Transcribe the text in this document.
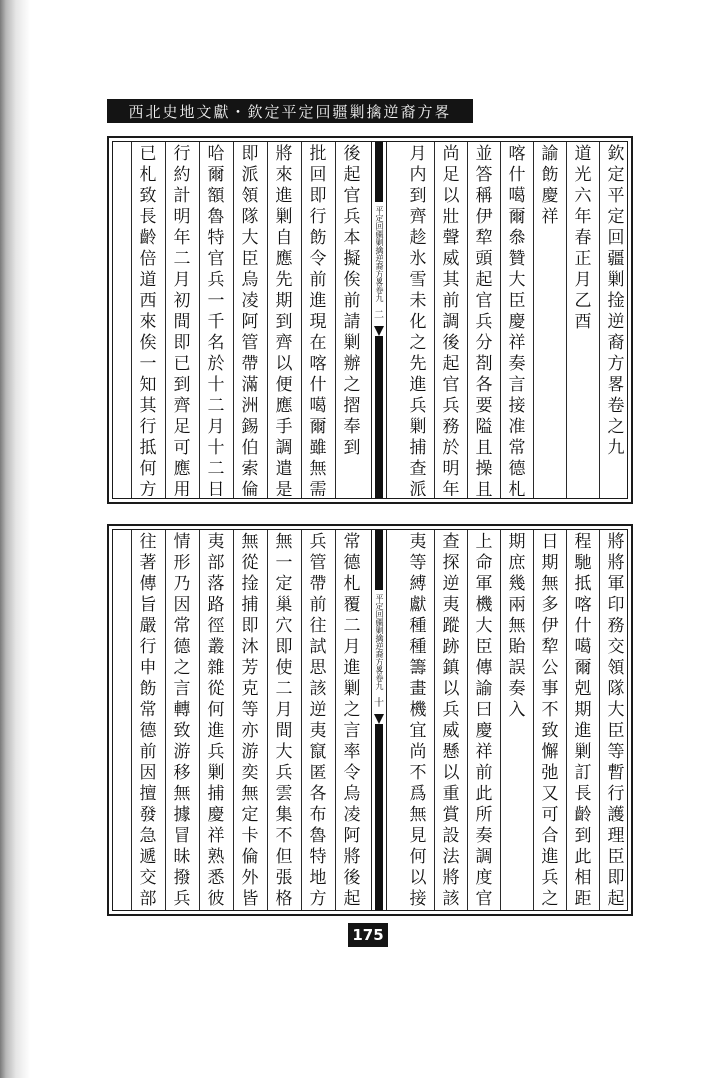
西北史地文獻・欽定平定回疆剿擒逆裔方畧
欽
定
平
定
回
疆
剿
捦
逆
裔
方
畧
卷
之
九
道
光
六
年
春
正
月
乙
酉
諭
飭
慶
祥
喀
什
噶
爾
叅
贊
大
臣
慶
祥
奏
言
接
准
常
德
札
並
答
稱
伊
犂
頭
起
官
兵
分
剳
各
要
隘
且
操
且
尚
足
以
壯
聲
威
其
前
調
後
起
官
兵
務
於
明
年
月
内
到
齊
趁
氷
雪
未
化
之
先
進
兵
剿
捕
查
派
後
起
官
兵
本
擬
俟
前
請
剿
辦
之
摺
奉
到
批
回
即
行
飭
令
前
進
現
在
喀
什
噶
爾
雖
無
需
將
來
進
剿
自
應
先
期
到
齊
以
便
應
手
調
遣
是
即
派
領
隊
大
臣
烏
凌
阿
管
帶
滿
洲
錫
伯
索
倫
哈
爾
額
魯
特
官
兵
一
千
名
於
十
二
月
十
二
日
行
約
計
明
年
二
月
初
間
即
已
到
齊
足
可
應
用
已
札
致
長
齡
倍
道
西
來
俟
一
知
其
行
抵
何
方
平定回疆剿擒逆裔方畧卷九
二
將
將
軍
印
務
交
領
隊
大
臣
等
暫
行
護
理
臣
即
起
程
馳
抵
喀
什
噶
爾
剋
期
進
剿
訂
長
齡
到
此
相
距
日
期
無
多
伊
犂
公
事
不
致
懈
弛
又
可
合
進
兵
之
期
庶
幾
兩
無
貽
誤
奏
入
上
命
軍
機
大
臣
傳
諭
曰
慶
祥
前
此
所
奏
調
度
官
查
探
逆
夷
蹤
跡
鎮
以
兵
威
懸
以
重
賞
設
法
將
該
夷
等
縛
獻
種
種
籌
畫
機
宜
尚
不
爲
無
見
何
以
接
常
德
札
覆
二
月
進
剿
之
言
率
令
烏
凌
阿
將
後
起
兵
管
帶
前
往
試
思
該
逆
夷
竄
匿
各
布
魯
特
地
方
無
一
定
巢
穴
即
使
二
月
間
大
兵
雲
集
不
但
張
格
無
從
捦
捕
即
沐
芳
克
等
亦
游
奕
無
定
卡
倫
外
皆
夷
部
落
路
徑
叢
雜
從
何
進
兵
剿
捕
慶
祥
熟
悉
彼
情
形
乃
因
常
德
之
言
轉
致
游
移
無
據
冒
昧
撥
兵
往
著
傳
旨
嚴
行
申
飭
常
德
前
因
擅
發
急
遞
交
部
平定回疆剿擒逆裔方畧卷九
十
175
